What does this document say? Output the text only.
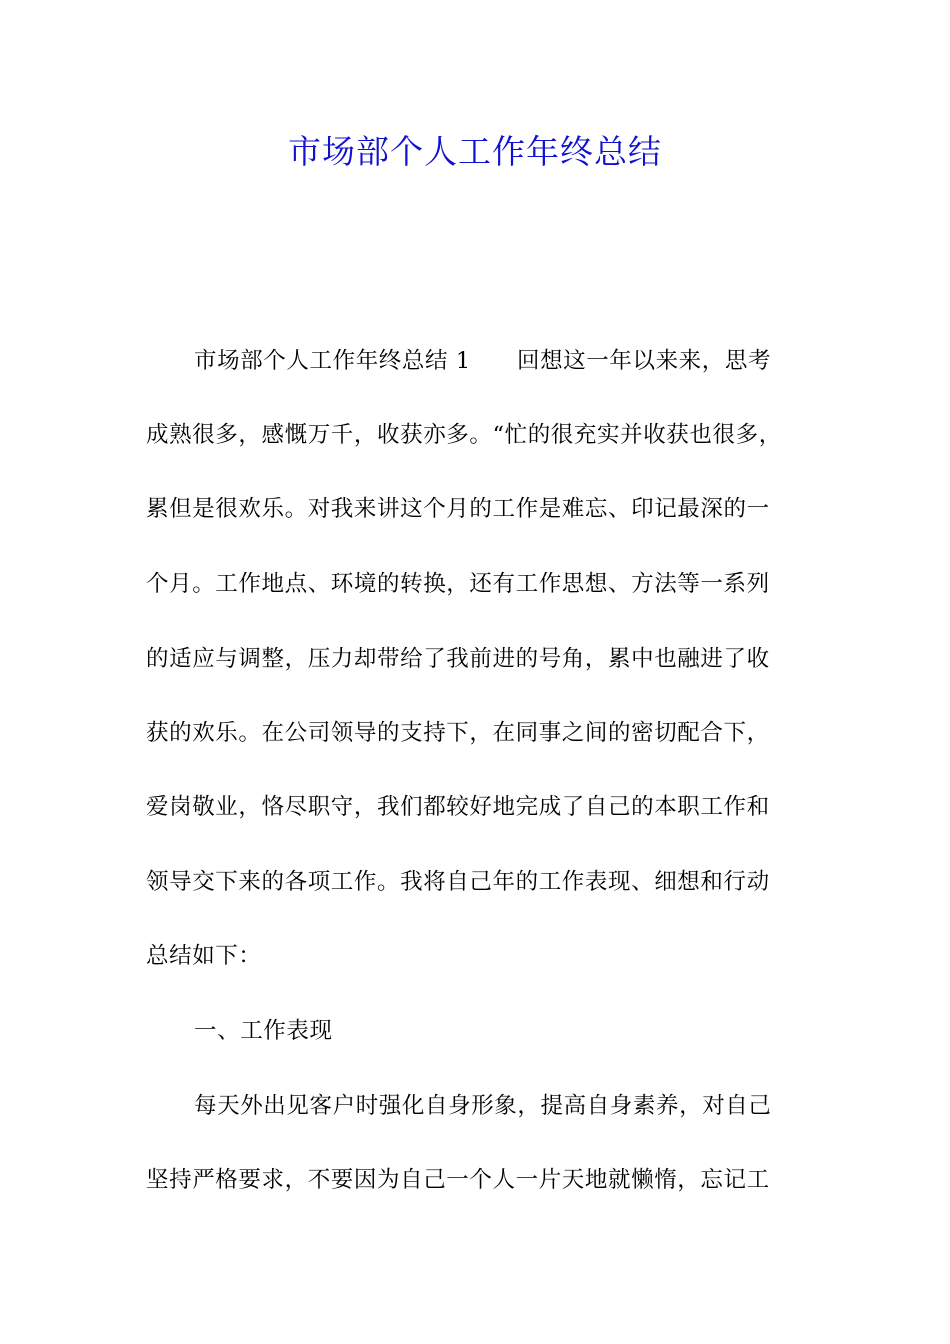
市场部个人工作年终总结
市场部个人工作年终总结 1　　回想这一年以来来，思考
成熟很多，感慨万千，收获亦多。“忙的很充实并收获也很多，
累但是很欢乐。对我来讲这个月的工作是难忘、印记最深的一
个月。工作地点、环境的转换，还有工作思想、方法等一系列
的适应与调整，压力却带给了我前进的号角，累中也融进了收
获的欢乐。在公司领导的支持下，在同事之间的密切配合下，
爱岗敬业，恪尽职守，我们都较好地完成了自己的本职工作和
领导交下来的各项工作。我将自己年的工作表现、细想和行动
总结如下：
一、工作表现
每天外出见客户时强化自身形象，提高自身素养，对自己
坚持严格要求，不要因为自己一个人一片天地就懒惰，忘记工
